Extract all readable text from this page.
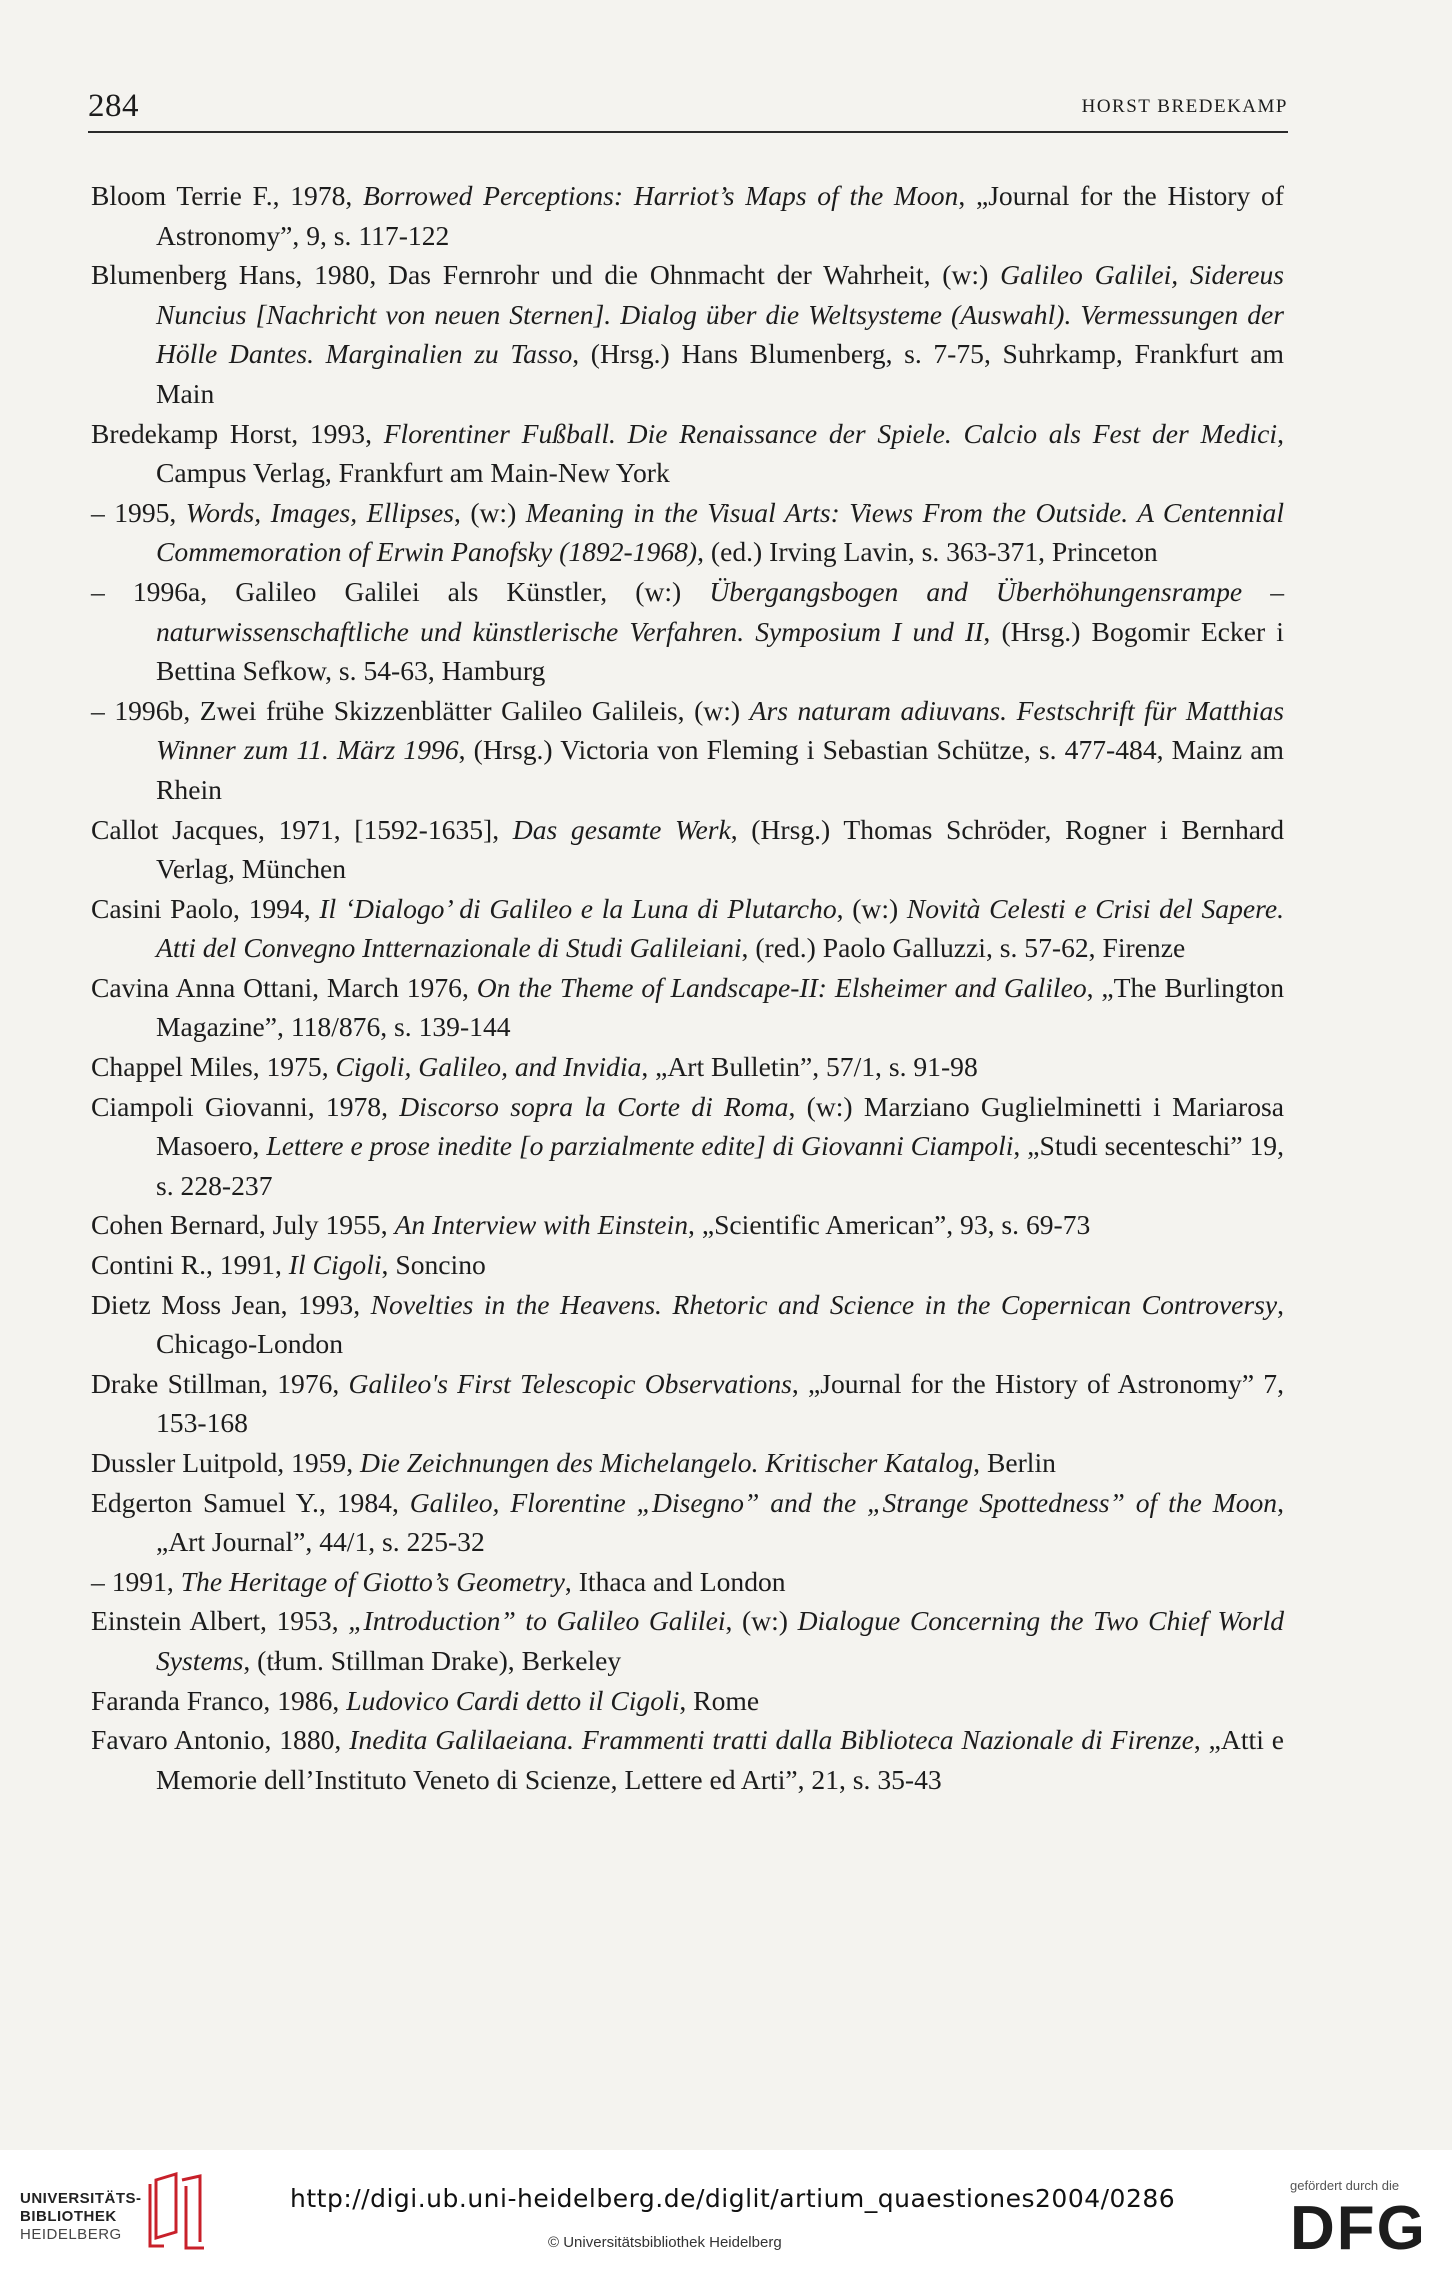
284	HORST BREDEKAMP
Bloom Terrie F., 1978, Borrowed Perceptions: Harriot’s Maps of the Moon, „Journal for the History of Astronomy”, 9, s. 117-122
Blumenberg Hans, 1980, Das Fernrohr und die Ohnmacht der Wahrheit, (w:) Galileo Galilei, Sidereus Nuncius [Nachricht von neuen Sternen]. Dialog über die Weltsysteme (Auswahl). Vermessungen der Hölle Dantes. Marginalien zu Tasso, (Hrsg.) Hans Blumenberg, s. 7-75, Suhrkamp, Frankfurt am Main
Bredekamp Horst, 1993, Florentiner Fußball. Die Renaissance der Spiele. Calcio als Fest der Medici, Campus Verlag, Frankfurt am Main-New York
– 1995, Words, Images, Ellipses, (w:) Meaning in the Visual Arts: Views From the Outside. A Centennial Commemoration of Erwin Panofsky (1892-1968), (ed.) Irving Lavin, s. 363-371, Princeton
– 1996a, Galileo Galilei als Künstler, (w:) Übergangsbogen and Überhöhungensrampe – naturwissenschaftliche und künstlerische Verfahren. Symposium I und II, (Hrsg.) Bogomir Ecker i Bettina Sefkow, s. 54-63, Hamburg
– 1996b, Zwei frühe Skizzenblätter Galileo Galileis, (w:) Ars naturam adiuvans. Festschrift für Matthias Winner zum 11. März 1996, (Hrsg.) Victoria von Fleming i Sebastian Schütze, s. 477-484, Mainz am Rhein
Callot Jacques, 1971, [1592-1635], Das gesamte Werk, (Hrsg.) Thomas Schröder, Rogner i Bernhard Verlag, München
Casini Paolo, 1994, Il ‘Dialogo’ di Galileo e la Luna di Plutarcho, (w:) Novità Celesti e Crisi del Sapere. Atti del Convegno Intternazionale di Studi Galileiani, (red.) Paolo Galluzzi, s. 57-62, Firenze
Cavina Anna Ottani, March 1976, On the Theme of Landscape-II: Elsheimer and Galileo, „The Burlington Magazine”, 118/876, s. 139-144
Chappel Miles, 1975, Cigoli, Galileo, and Invidia, „Art Bulletin”, 57/1, s. 91-98
Ciampoli Giovanni, 1978, Discorso sopra la Corte di Roma, (w:) Marziano Guglielminetti i Mariarosa Masoero, Lettere e prose inedite [o parzialmente edite] di Giovanni Ciampoli, „Studi secenteschi” 19, s. 228-237
Cohen Bernard, July 1955, An Interview with Einstein, „Scientific American”, 93, s. 69-73
Contini R., 1991, Il Cigoli, Soncino
Dietz Moss Jean, 1993, Novelties in the Heavens. Rhetoric and Science in the Copernican Controversy, Chicago-London
Drake Stillman, 1976, Galileo's First Telescopic Observations, „Journal for the History of Astronomy” 7, 153-168
Dussler Luitpold, 1959, Die Zeichnungen des Michelangelo. Kritischer Katalog, Berlin
Edgerton Samuel Y., 1984, Galileo, Florentine „Disegno” and the „Strange Spottedness” of the Moon, „Art Journal”, 44/1, s. 225-32
– 1991, The Heritage of Giotto’s Geometry, Ithaca and London
Einstein Albert, 1953, „Introduction” to Galileo Galilei, (w:) Dialogue Concerning the Two Chief World Systems, (tłum. Stillman Drake), Berkeley
Faranda Franco, 1986, Ludovico Cardi detto il Cigoli, Rome
Favaro Antonio, 1880, Inedita Galilaeiana. Frammenti tratti dalla Biblioteca Nazionale di Firenze, „Atti e Memorie dell’Instituto Veneto di Scienze, Lettere ed Arti”, 21, s. 35-43
UNIVERSITÄTS-
BIBLIOTHEK
HEIDELBERG
http://digi.ub.uni-heidelberg.de/diglit/artium_quaestiones2004/0286
© Universitätsbibliothek Heidelberg
gefördert durch die
DFG
